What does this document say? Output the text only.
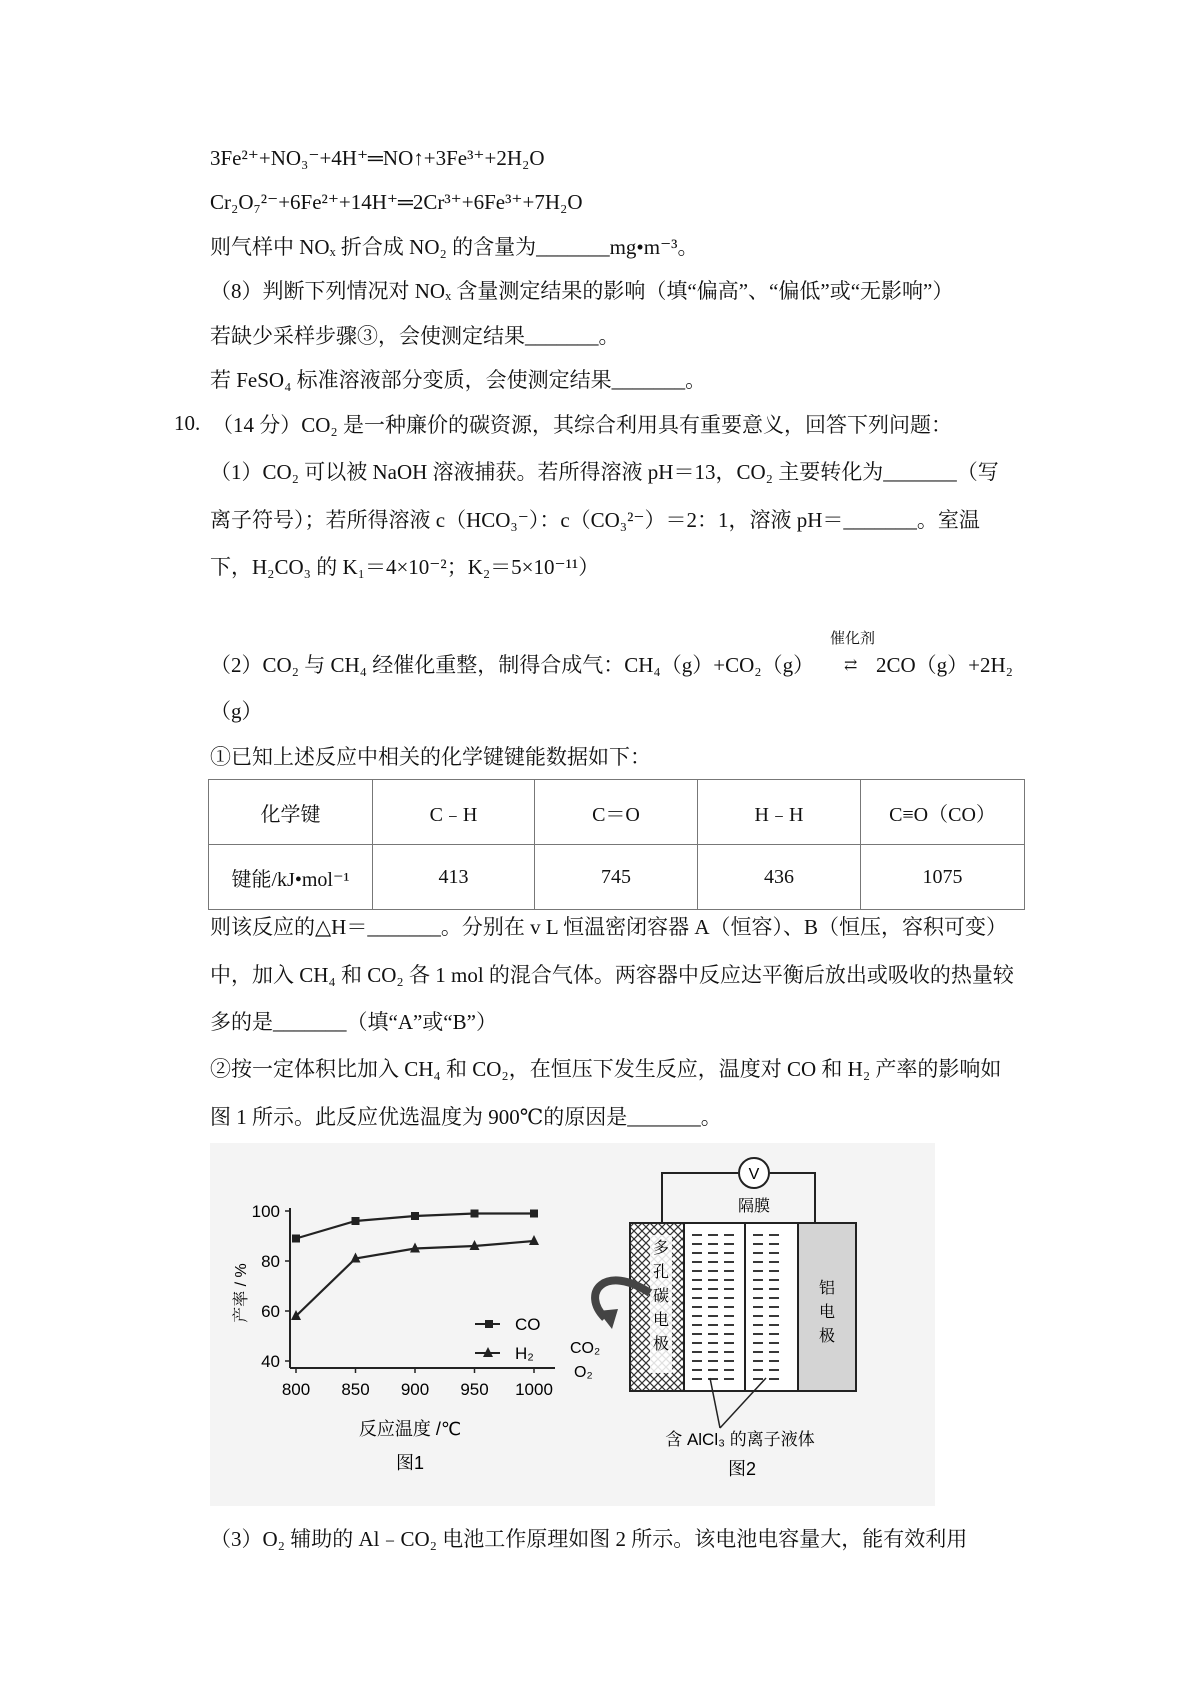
3Fe²⁺+NO₃⁻+4H⁺═NO↑+3Fe³⁺+2H₂O
Cr₂O₇²⁻+6Fe²⁺+14H⁺═2Cr³⁺+6Fe³⁺+7H₂O
则气样中 NOₓ 折合成 NO₂ 的含量为_______mg•m⁻³。
（8）判断下列情况对 NOₓ 含量测定结果的影响（填“偏高”、“偏低”或“无影响”）
若缺少采样步骤③，会使测定结果_______。
若 FeSO₄ 标准溶液部分变质，会使测定结果_______。
10. （14 分）CO₂ 是一种廉价的碳资源，其综合利用具有重要意义，回答下列问题：
（1）CO₂ 可以被 NaOH 溶液捕获。若所得溶液 pH＝13，CO₂ 主要转化为_______（写
离子符号）；若所得溶液 c（HCO₃⁻）：c（CO₃²⁻）＝2：1，溶液 pH＝_______。室温
下，H₂CO₃ 的 K₁＝4×10⁻²；K₂＝5×10⁻¹¹）
（2）CO₂ 与 CH₄ 经催化重整，制得合成气：CH₄（g）+CO₂（g）
催化剂
⇄ 2CO（g）+2H₂
（g）
①已知上述反应中相关的化学键键能数据如下：
化学键	C﹣H	C＝O	H﹣H	C≡O（CO）
键能/kJ•mol⁻¹	413	745	436	1075
则该反应的△H＝_______。分别在 v L 恒温密闭容器 A（恒容）、B（恒压，容积可变）
中，加入 CH₄ 和 CO₂ 各 1 mol 的混合气体。两容器中反应达平衡后放出或吸收的热量较
多的是_______（填“A”或“B”）
②按一定体积比加入 CH₄ 和 CO₂，在恒压下发生反应，温度对 CO 和 H₂ 产率的影响如
图 1 所示。此反应优选温度为 900℃的原因是_______。
产率 / %
反应温度 /℃
图1
40
60
80
100
800 850 900 950 1000
CO
H₂
V
隔膜
多孔碳电极
铝电极
CO₂
O₂
含 AlCl₃ 的离子液体
图2
（3）O₂ 辅助的 Al﹣CO₂ 电池工作原理如图 2 所示。该电池电容量大，能有效利用
